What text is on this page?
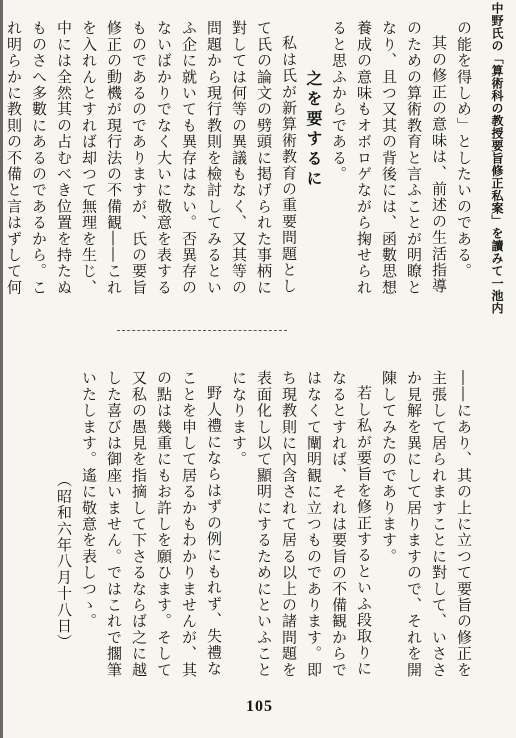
中野氏の「算術科の教授要旨修正私案」を讀みて一池内

の能を得しめ」としたいのである。

其の修正の意味は、前述の生活指導のための算術教育と言ふことが明瞭となり、且つ又其の背後には、函數思想養成の意味もオボロゲながら掬せられると思ふからである。

之を要するに

私は氏が新算術教育の重要問題として氏の論文の劈頭に掲げられた事柄に對しては何等の異議もなく、又其等の問題から現行教則を檢討してみるといふ企に就いても異存はない。否異存のないばかりでなく大いに敬意を表するものであるのでありますが、氏の要旨修正の動機が現行法の不備観――これを入れんとすれば却つて無理を生じ、中には全然其の占むべき位置を持たぬものさへ多數にあるのであるから。これ明らかに教則の不備と言はずして何

――にあり、其の上に立つて要旨の修正を主張して居られますことに對して、いささか見解を異にして居りますので、それを開陳してみたのであります。

若し私が要旨を修正するといふ段取りになるとすれば、それは要旨の不備観からではなくて闡明観に立つものであります。即ち現教則に內含されて居る以上の諸問題を表面化し以て顯明にするためにといふことになります。

野人禮にならはずの例にもれず、失禮なことを申して居るかもわかりませんが、其の點は幾重にもお許しを願ひます。そして又私の愚見を指摘して下さるならば之に越した喜びは御座いません。ではこれで擱筆いたします。遙に敬意を表しつゝ。

（昭和六年八月十八日）
105
